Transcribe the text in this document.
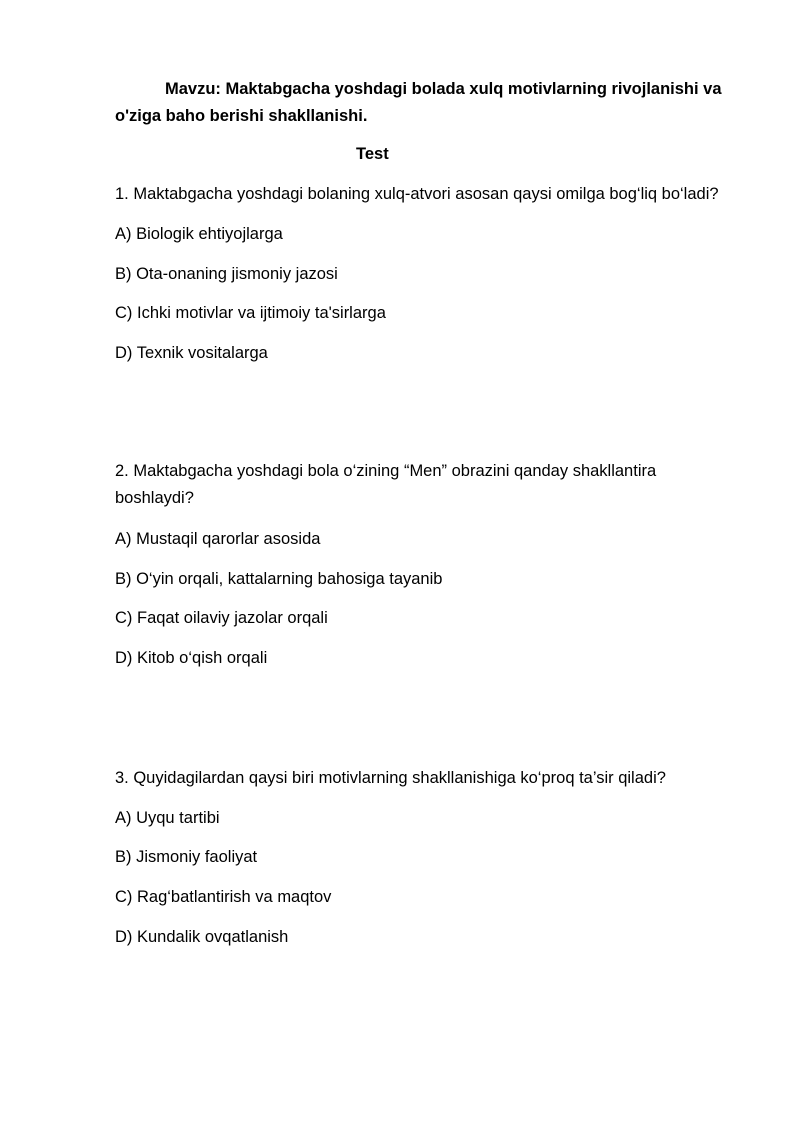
Mavzu: Maktabgacha yoshdagi bolada xulq motivlarning rivojlanishi va o'ziga baho berishi shakllanishi.
Test
1. Maktabgacha yoshdagi bolaning xulq-atvori asosan qaysi omilga bog‘liq bo‘ladi?
A) Biologik ehtiyojlarga
B) Ota-onaning jismoniy jazosi
C) Ichki motivlar va ijtimoiy ta'sirlarga
D) Texnik vositalarga
2. Maktabgacha yoshdagi bola o‘zining “Men” obrazini qanday shakllantira boshlaydi?
A) Mustaqil qarorlar asosida
B) O‘yin orqali, kattalarning bahosiga tayanib
C) Faqat oilaviy jazolar orqali
D) Kitob o‘qish orqali
3. Quyidagilardan qaysi biri motivlarning shakllanishiga ko‘proq ta’sir qiladi?
A) Uyqu tartibi
B) Jismoniy faoliyat
C) Rag‘batlantirish va maqtov
D) Kundalik ovqatlanish
